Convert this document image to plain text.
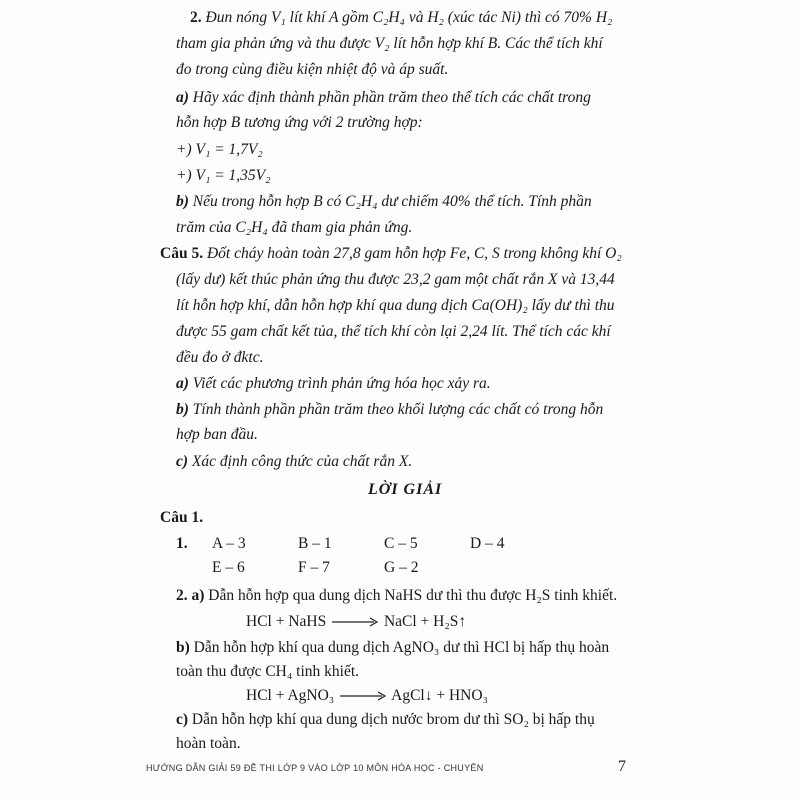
2. Đun nóng V₁ lít khí A gồm C₂H₄ và H₂ (xúc tác Ni) thì có 70% H₂
tham gia phản ứng và thu được V₂ lít hỗn hợp khí B. Các thể tích khí
đo trong cùng điều kiện nhiệt độ và áp suất.
a) Hãy xác định thành phần phần trăm theo thể tích các chất trong
hỗn hợp B tương ứng với 2 trường hợp:
+) V₁ = 1,7V₂
+) V₁ = 1,35V₂
b) Nếu trong hỗn hợp B có C₂H₄ dư chiếm 40% thể tích. Tính phần
trăm của C₂H₄ đã tham gia phản ứng.
Câu 5. Đốt cháy hoàn toàn 27,8 gam hỗn hợp Fe, C, S trong không khí O₂
(lấy dư) kết thúc phản ứng thu được 23,2 gam một chất rắn X và 13,44
lít hỗn hợp khí, dẫn hỗn hợp khí qua dung dịch Ca(OH)₂ lấy dư thì thu
được 55 gam chất kết tủa, thể tích khí còn lại 2,24 lít. Thể tích các khí
đều đo ở đktc.
a) Viết các phương trình phản ứng hóa học xảy ra.
b) Tính thành phần phần trăm theo khối lượng các chất có trong hỗn
hợp ban đầu.
c) Xác định công thức của chất rắn X.
LỜI GIẢI
Câu 1.
1. A – 3	B – 1	C – 5	D – 4
E – 6	F – 7	G – 2
2. a) Dẫn hỗn hợp qua dung dịch NaHS dư thì thu được H₂S tinh khiết.
HCl + NaHS → NaCl + H₂S↑
b) Dẫn hỗn hợp khí qua dung dịch AgNO₃ dư thì HCl bị hấp thụ hoàn
toàn thu được CH₄ tinh khiết.
HCl + AgNO₃ → AgCl↓ + HNO₃
c) Dẫn hỗn hợp khí qua dung dịch nước brom dư thì SO₂ bị hấp thụ
hoàn toàn.
HƯỚNG DẪN GIẢI 59 ĐỀ THI LỚP 9 VÀO LỚP 10 MÔN HÓA HỌC - CHUYÊN	7
